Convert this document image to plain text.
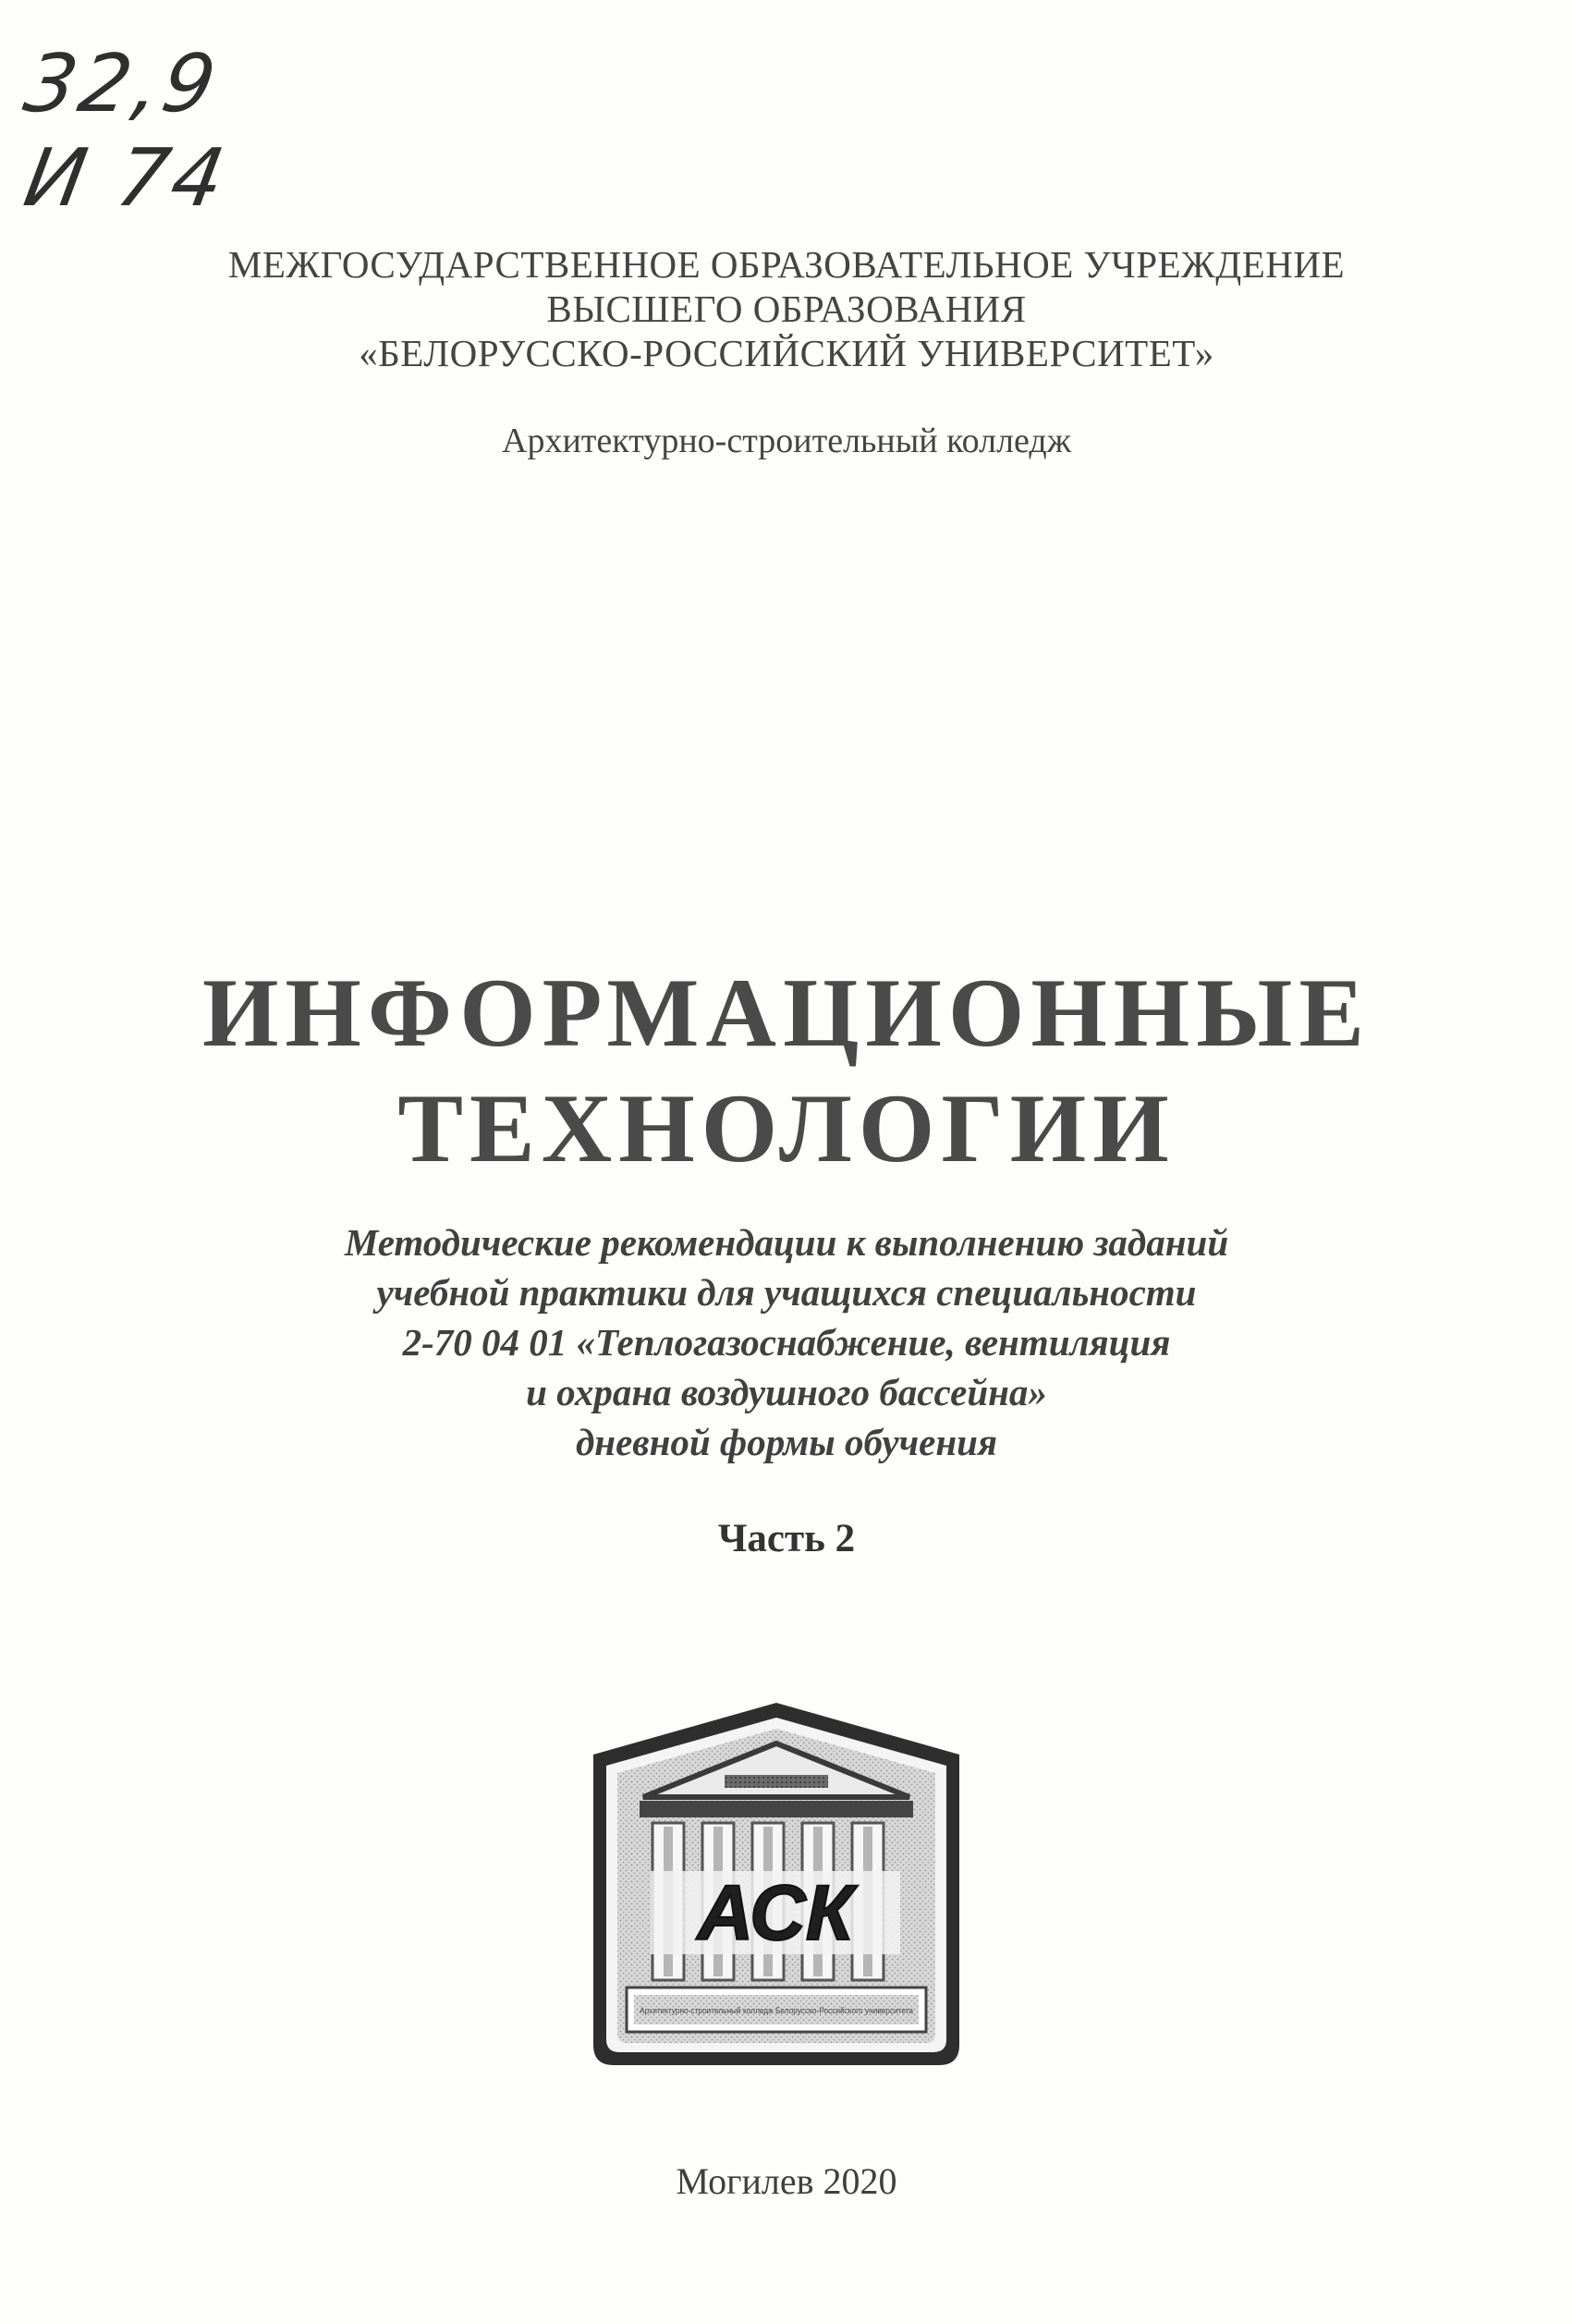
32,9
И 74
МЕЖГОСУДАРСТВЕННОЕ ОБРАЗОВАТЕЛЬНОЕ УЧРЕЖДЕНИЕ
ВЫСШЕГО ОБРАЗОВАНИЯ
«БЕЛОРУССКО-РОССИЙСКИЙ УНИВЕРСИТЕТ»
Архитектурно-строительный колледж
ИНФОРМАЦИОННЫЕ
ТЕХНОЛОГИИ
Методические рекомендации к выполнению заданий
учебной практики для учащихся специальности
2-70 04 01 «Теплогазоснабжение, вентиляция
и охрана воздушного бассейна»
дневной формы обучения
Часть 2
АСК
Архитектурно-строительный колледж Белорусско-Российского университета
Могилев 2020
